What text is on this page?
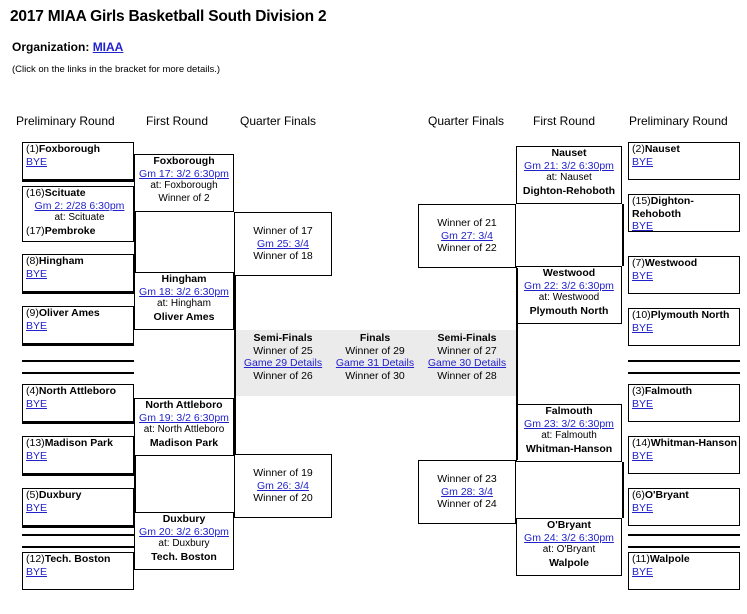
2017 MIAA Girls Basketball South Division 2
Organization: MIAA
(Click on the links in the bracket for more details.)
Preliminary Round	First Round	Quarter Finals	Quarter Finals First Round	Preliminary Round
(1)Foxborough
BYE
(16)Scituate
Gm 2: 2/28 6:30pm
at: Scituate
(17)Pembroke
(8)Hingham
BYE
(9)Oliver Ames
BYE
(4)North Attleboro
BYE
(13)Madison Park
BYE
(5)Duxbury
BYE
(12)Tech. Boston
BYE
Foxborough
Gm 17: 3/2 6:30pm
at: Foxborough
Winner of 2
Hingham
Gm 18: 3/2 6:30pm
at: Hingham
Oliver Ames
North Attleboro
Gm 19: 3/2 6:30pm
at: North Attleboro
Madison Park
Duxbury
Gm 20: 3/2 6:30pm
at: Duxbury
Tech. Boston
Winner of 17
Gm 25: 3/4
Winner of 18
Winner of 19
Gm 26: 3/4
Winner of 20
(2)Nauset
BYE
(15)Dighton-Rehoboth
BYE
(7)Westwood
BYE
(10)Plymouth North
BYE
(3)Falmouth
BYE
(14)Whitman-Hanson
BYE
(6)O'Bryant
BYE
(11)Walpole
BYE
Nauset
Gm 21: 3/2 6:30pm
at: Nauset
Dighton-Rehoboth
Westwood
Gm 22: 3/2 6:30pm
at: Westwood
Plymouth North
Falmouth
Gm 23: 3/2 6:30pm
at: Falmouth
Whitman-Hanson
O'Bryant
Gm 24: 3/2 6:30pm
at: O'Bryant
Walpole
Winner of 21
Gm 27: 3/4
Winner of 22
Winner of 23
Gm 28: 3/4
Winner of 24
Semi-Finals
Winner of 25
Game 29 Details
Winner of 26
Finals
Winner of 29
Game 31 Details
Winner of 30
Semi-Finals
Winner of 27
Game 30 Details
Winner of 28
